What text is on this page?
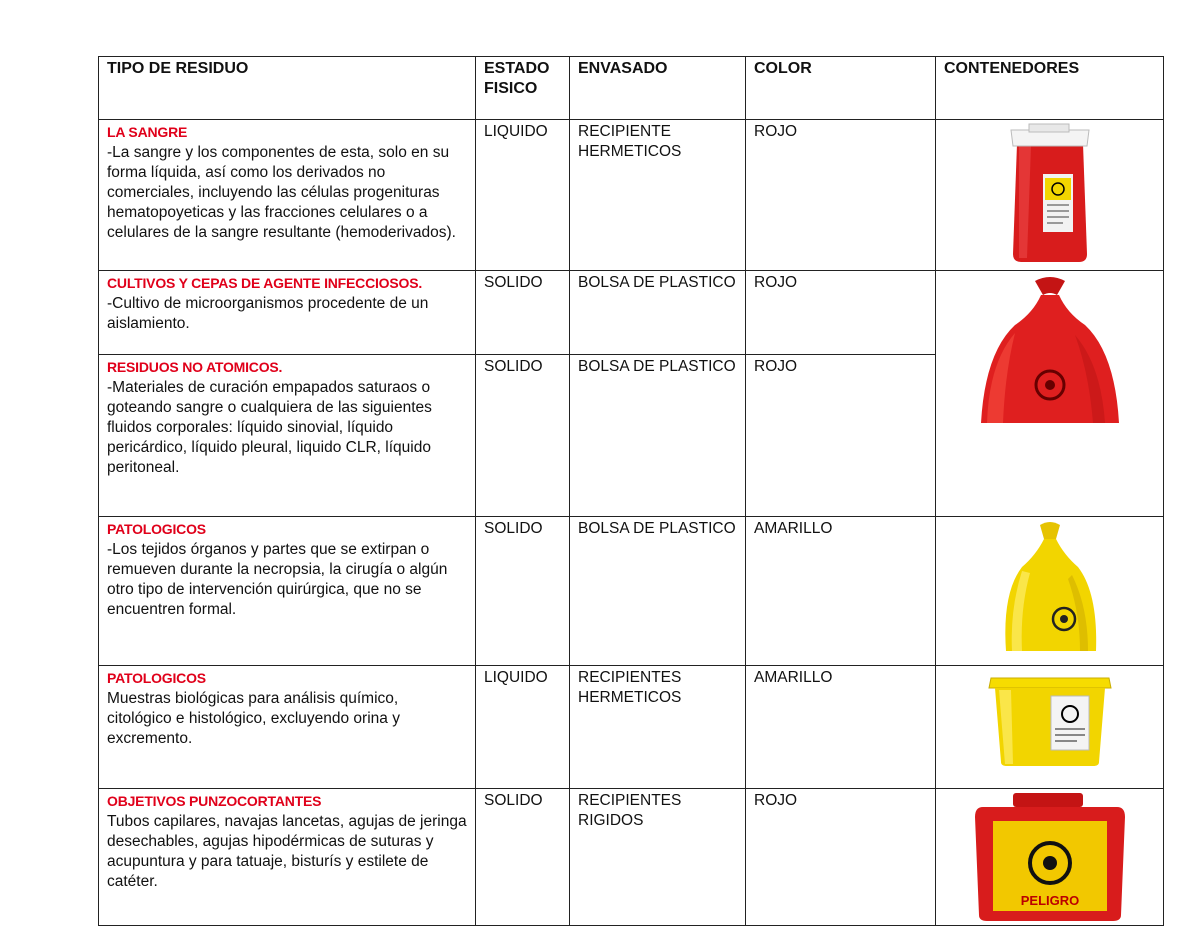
TIPO DE RESIDUO	ESTADO FISICO	ENVASADO	COLOR	CONTENEDORES
LA SANGRE
-La sangre y los componentes de esta, solo en su forma líquida, así como los derivados no comerciales, incluyendo las células progenituras hematopoyeticas y las fracciones celulares o a celulares de la sangre resultante (hemoderivados).	LIQUIDO	RECIPIENTE HERMETICOS	ROJO	

CULTIVOS Y CEPAS DE AGENTE INFECCIOSOS.
-Cultivo de microorganismos procedente de un aislamiento.	SOLIDO	BOLSA DE PLASTICO	ROJO	

RESIDUOS NO ATOMICOS.
-Materiales de curación empapados saturaos o goteando sangre o cualquiera de las siguientes fluidos corporales: líquido sinovial, líquido pericárdico, líquido pleural, liquido CLR, líquido peritoneal.	SOLIDO	BOLSA DE PLASTICO	ROJO	
PATOLOGICOS
-Los tejidos órganos y partes que se extirpan o remueven durante la necropsia, la cirugía o algún otro tipo de intervención quirúrgica, que no se encuentren formal.	SOLIDO	BOLSA DE PLASTICO	AMARILLO	

PATOLOGICOS
Muestras biológicas para análisis químico, citológico e histológico, excluyendo orina y excremento.	LIQUIDO	RECIPIENTES HERMETICOS	AMARILLO	

OBJETIVOS PUNZOCORTANTES
Tubos capilares, navajas lancetas, agujas de jeringa desechables, agujas hipodérmicas de suturas y acupuntura y para tatuaje, bisturís y estilete de catéter.	SOLIDO	RECIPIENTES RIGIDOS	ROJO	PELIGRO
